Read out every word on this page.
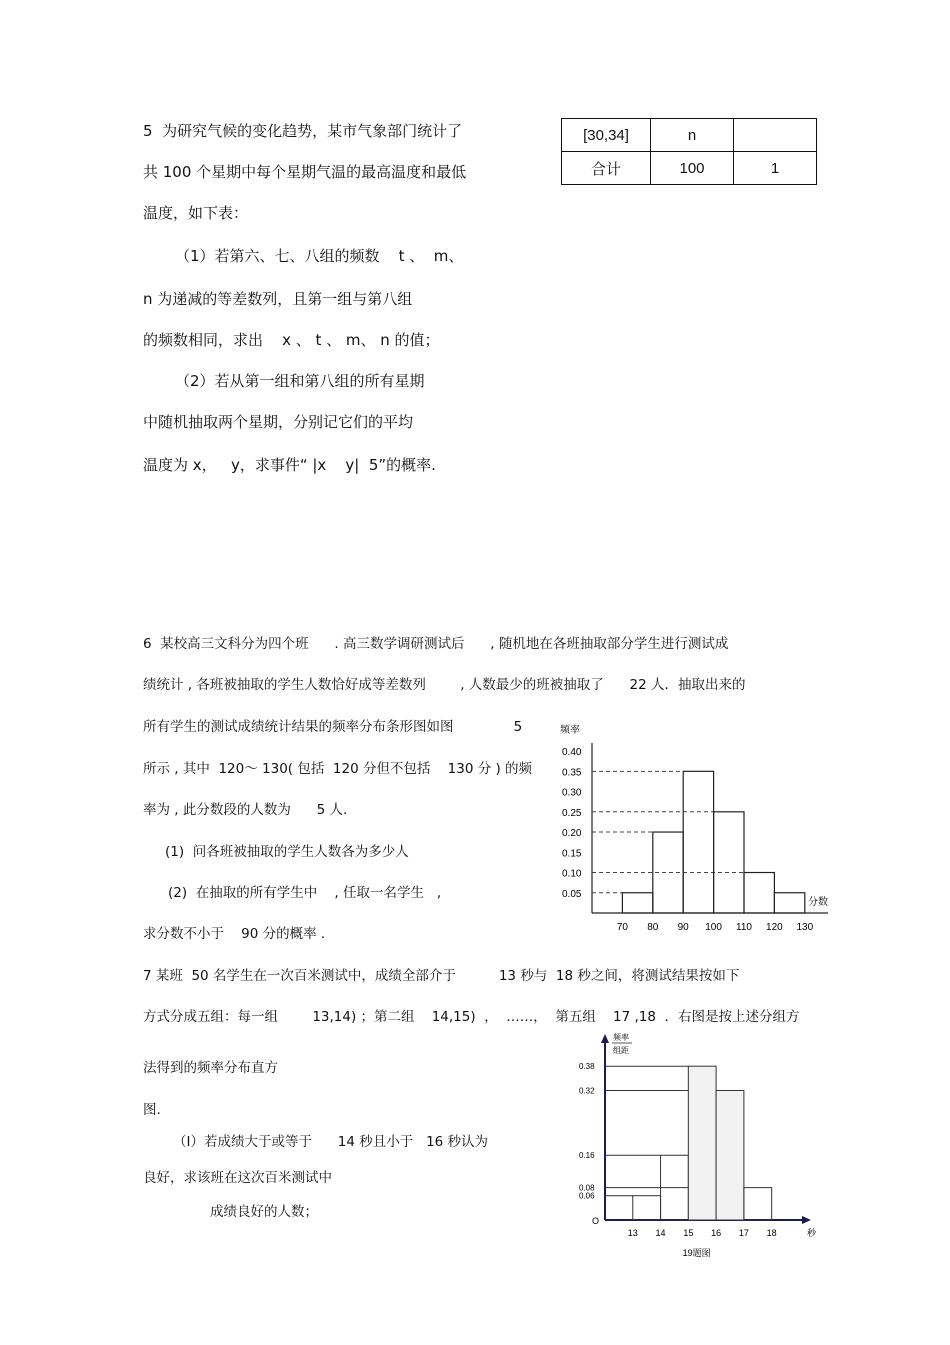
5  为研究气候的变化趋势，某市气象部门统计了
共 100 个星期中每个星期气温的最高温度和最低
温度，如下表：
（1）若第六、七、八组的频数    t 、  m、
n 为递减的等差数列，且第一组与第八组
的频数相同，求出    x 、 t 、 m、 n 的值；
（2）若从第一组和第八组的所有星期
中随机抽取两个星期，分别记它们的平均
温度为 x，   y，求事件“ |x    y|  5”的概率.
[30,34]	n	
合计	100	1
6  某校高三文科分为四个班      . 高三数学调研测试后      , 随机地在各班抽取部分学生进行测试成
绩统计 , 各班被抽取的学生人数恰好成等差数列        , 人数最少的班被抽取了      22 人．抽取出来的
所有学生的测试成绩统计结果的频率分布条形图如图              5
所示 , 其中  120～ 130( 包括  120 分但不包括    130 分 ) 的频
率为 , 此分数段的人数为      5 人.
(1)  问各班被抽取的学生人数各为多少人
(2)  在抽取的所有学生中    , 任取一名学生   ,
求分数不小于    90 分的概率 .
频率
分数
0.05
0.10
0.15
0.20
0.25
0.30
0.35
0.40
70 80 90 100 110 120 130
7 某班  50 名学生在一次百米测试中，成绩全部介于          13 秒与  18 秒之间，将测试结果按如下
方式分成五组：每一组        13,14) ；第二组    14,15)  ，  ……，  第五组    17 ,18  ．右图是按上述分组方
法得到的频率分布直方
图.
（Ⅰ）若成绩大于或等于      14 秒且小于   16 秒认为
良好，求该班在这次百米测试中
成绩良好的人数；
频率
组距
秒
O
0.06
0.08
0.16
0.32
0.38
13 14 15 16 17 18
19题图
